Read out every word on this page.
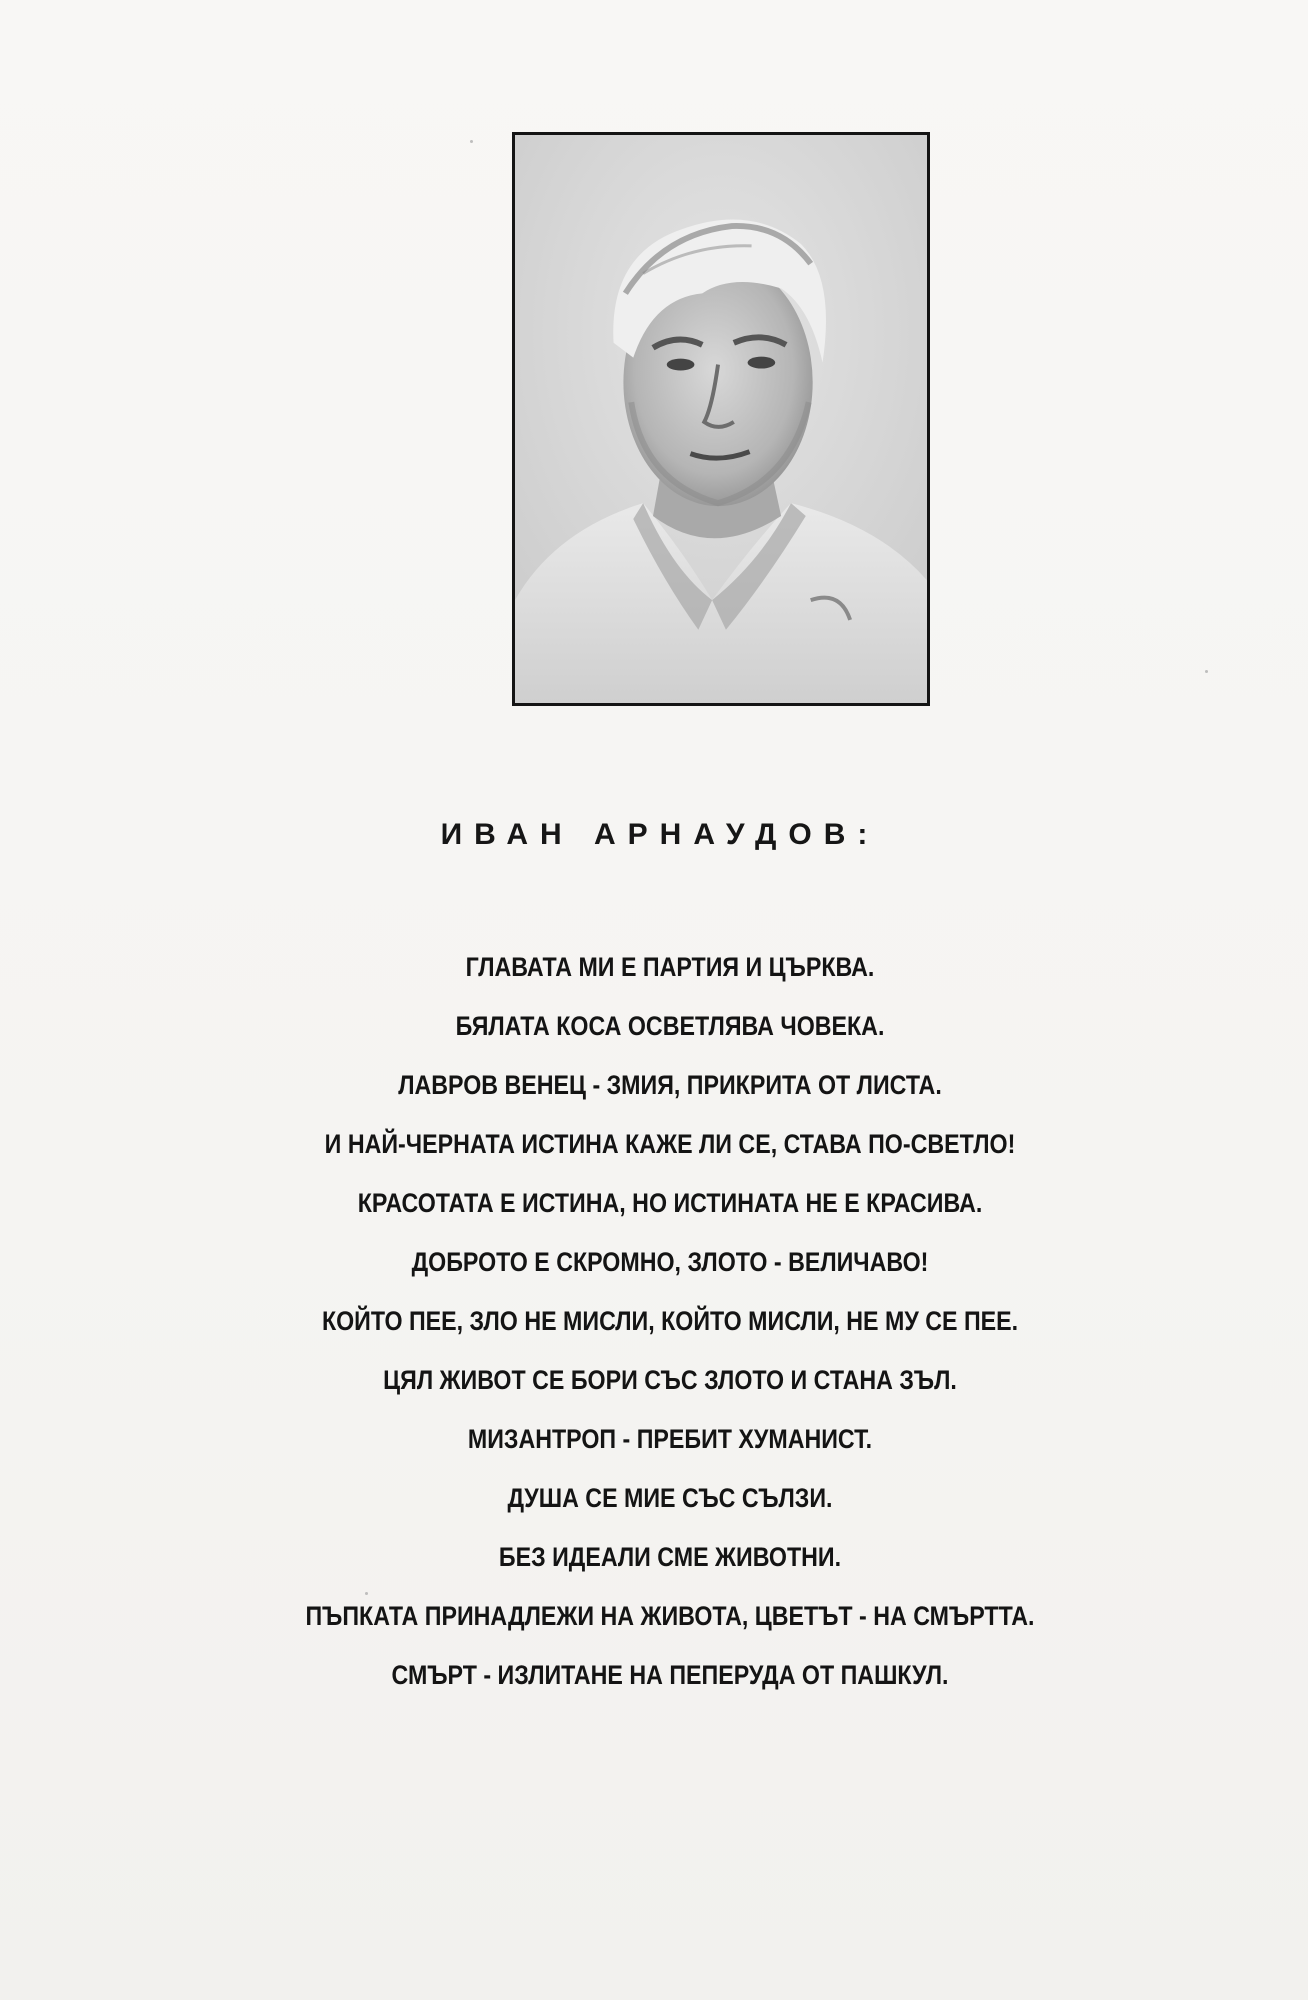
ИВАН АРНАУДОВ:
ГЛАВАТА МИ Е ПАРТИЯ И ЦЪРКВА.
БЯЛАТА КОСА ОСВЕТЛЯВА ЧОВЕКА.
ЛАВРОВ ВЕНЕЦ - ЗМИЯ, ПРИКРИТА ОТ ЛИСТА.
И НАЙ-ЧЕРНАТА ИСТИНА КАЖЕ ЛИ СЕ, СТАВА ПО-СВЕТЛО!
КРАСОТАТА Е ИСТИНА, НО ИСТИНАТА НЕ Е КРАСИВА.
ДОБРОТО Е СКРОМНО, ЗЛОТО - ВЕЛИЧАВО!
КОЙТО ПЕЕ, ЗЛО НЕ МИСЛИ, КОЙТО МИСЛИ, НЕ МУ СЕ ПЕЕ.
ЦЯЛ ЖИВОТ СЕ БОРИ СЪС ЗЛОТО И СТАНА ЗЪЛ.
МИЗАНТРОП - ПРЕБИТ ХУМАНИСТ.
ДУША СЕ МИЕ СЪС СЪЛЗИ.
БЕЗ ИДЕАЛИ СМЕ ЖИВОТНИ.
ПЪПКАТА ПРИНАДЛЕЖИ НА ЖИВОТА, ЦВЕТЪТ - НА СМЪРТТА.
СМЪРТ - ИЗЛИТАНЕ НА ПЕПЕРУДА ОТ ПАШКУЛ.
